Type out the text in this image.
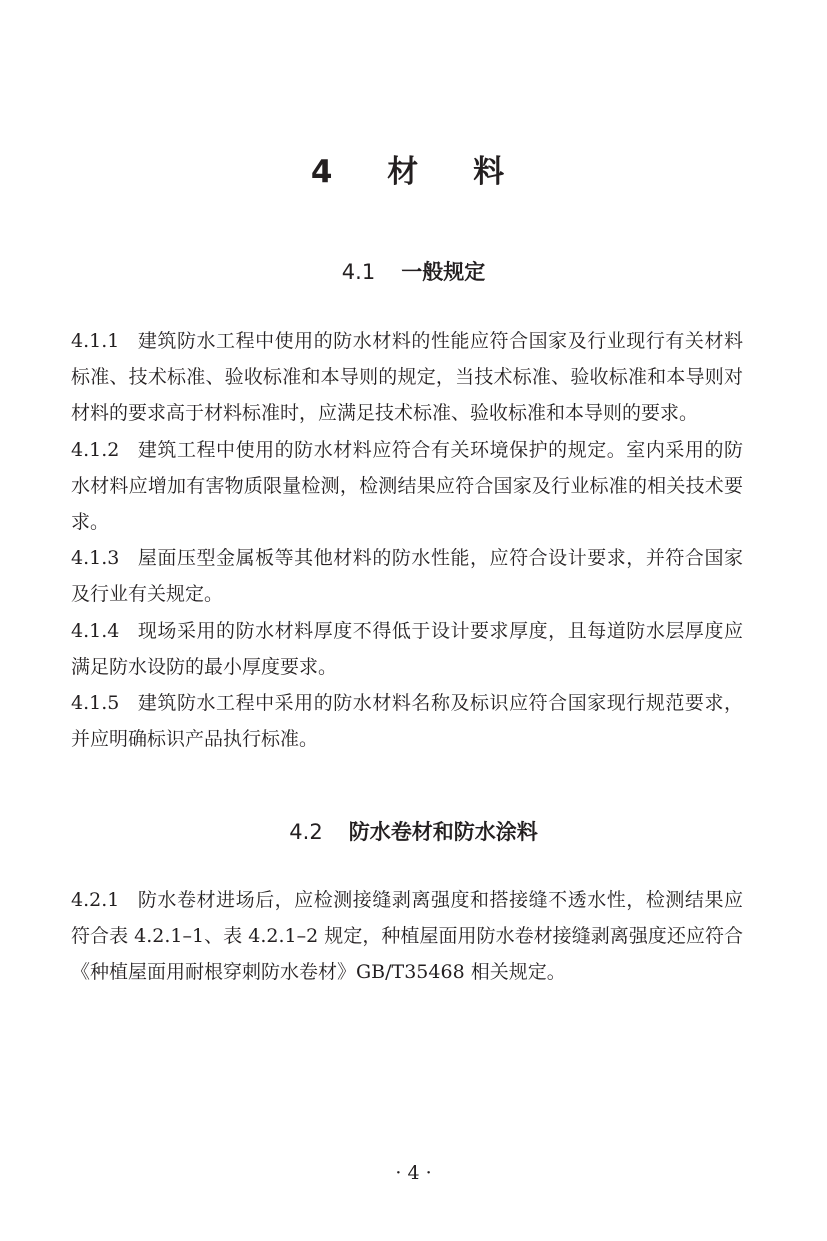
4 材 料
4.1 一般规定

4.1.1 建筑防水工程中使用的防水材料的性能应符合国家及行业现行有关材料标准、技术标准、验收标准和本导则的规定，当技术标准、验收标准和本导则对材料的要求高于材料标准时，应满足技术标准、验收标准和本导则的要求。

4.1.2 建筑工程中使用的防水材料应符合有关环境保护的规定。室内采用的防水材料应增加有害物质限量检测，检测结果应符合国家及行业标准的相关技术要求。

4.1.3 屋面压型金属板等其他材料的防水性能，应符合设计要求，并符合国家及行业有关规定。

4.1.4 现场采用的防水材料厚度不得低于设计要求厚度，且每道防水层厚度应满足防水设防的最小厚度要求。

4.1.5 建筑防水工程中采用的防水材料名称及标识应符合国家现行规范要求，并应明确标识产品执行标准。

4.2 防水卷材和防水涂料

4.2.1 防水卷材进场后，应检测接缝剥离强度和搭接缝不透水性，检测结果应符合表 4.2.1–1、表 4.2.1–2 规定，种植屋面用防水卷材接缝剥离强度还应符合《种植屋面用耐根穿刺防水卷材》GB/T35468 相关规定。

· 4 ·
